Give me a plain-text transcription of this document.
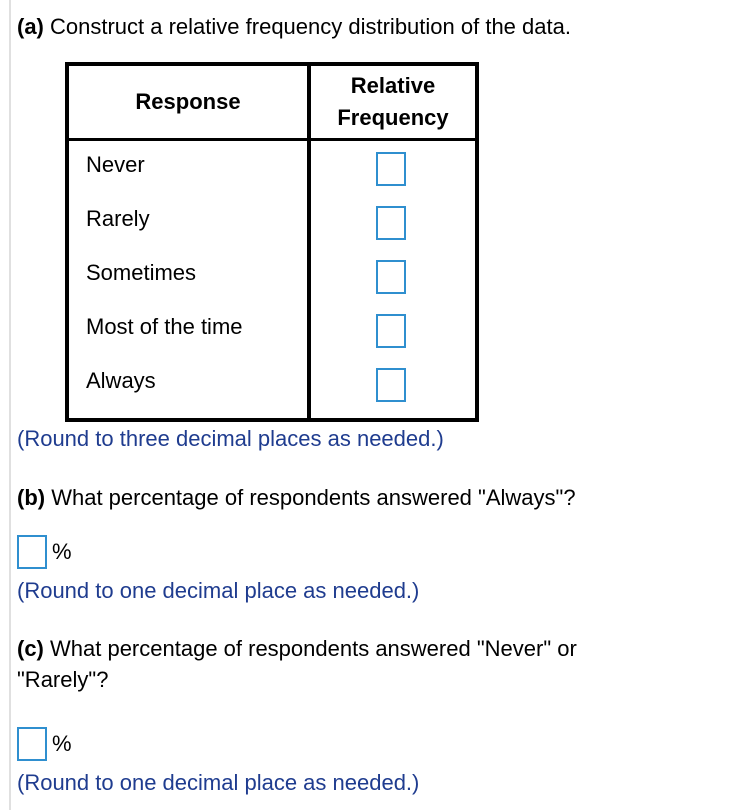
(a) Construct a relative frequency distribution of the data.
Response
Relative
Frequency
Never
Rarely
Sometimes
Most of the time
Always
(Round to three decimal places as needed.)
(b) What percentage of respondents answered "Always"?
%
(Round to one decimal place as needed.)
(c) What percentage of respondents answered "Never" or
"Rarely"?
%
(Round to one decimal place as needed.)
